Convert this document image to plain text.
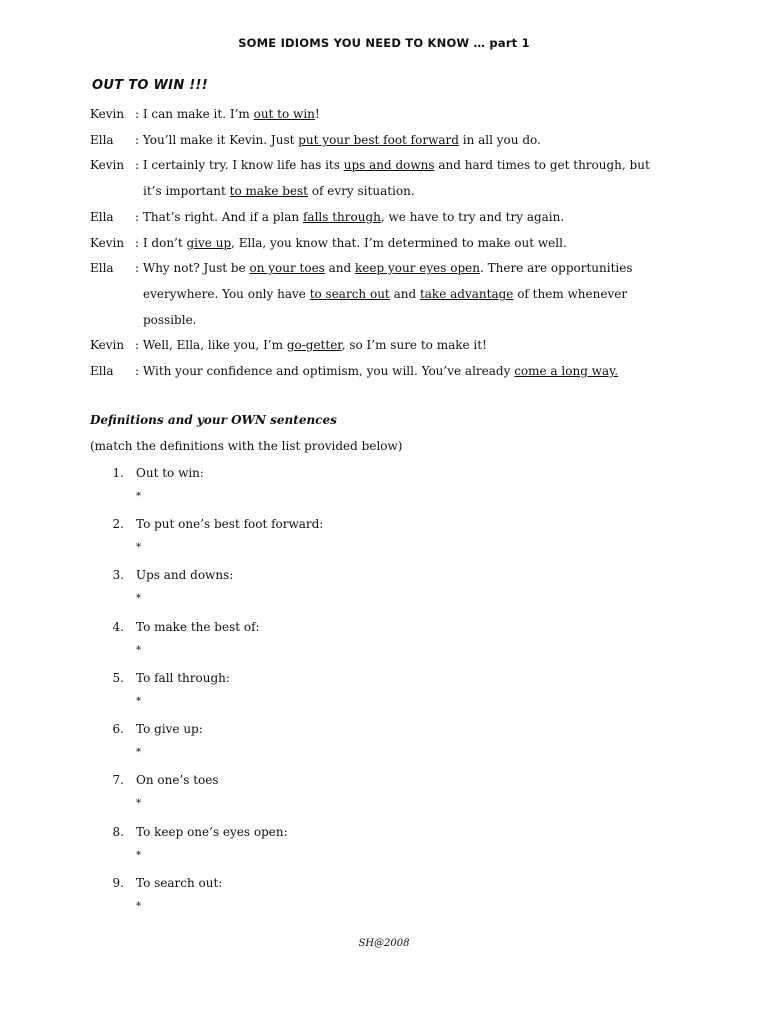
SOME IDIOMS YOU NEED TO KNOW … part 1
OUT TO WIN !!!
Kevin : I can make it. I’m out to win!
Ella	: You’ll make it Kevin. Just put your best foot forward in all you do.
Kevin : I certainly try. I know life has its ups and downs and hard times to get through, but
it’s important to make best of evry situation.
Ella	: That’s right. And if a plan falls through, we have to try and try again.
Kevin : I don’t give up, Ella, you know that. I’m determined to make out well.
Ella	: Why not? Just be on your toes and keep your eyes open. There are opportunities
everywhere. You only have to search out and take advantage of them whenever
possible.
Kevin : Well, Ella, like you, I’m go-getter, so I’m sure to make it!
Ella	: With your confidence and optimism, you will. You’ve already come a long way.
Definitions and your OWN sentences
(match the definitions with the list provided below)
1. Out to win:
*
2. To put one’s best foot forward:
*
3. Ups and downs:
*
4. To make the best of:
*
5. To fall through:
*
6. To give up:
*
7. On one’s toes
*
8. To keep one’s eyes open:
*
9. To search out:
*
SH@2008
